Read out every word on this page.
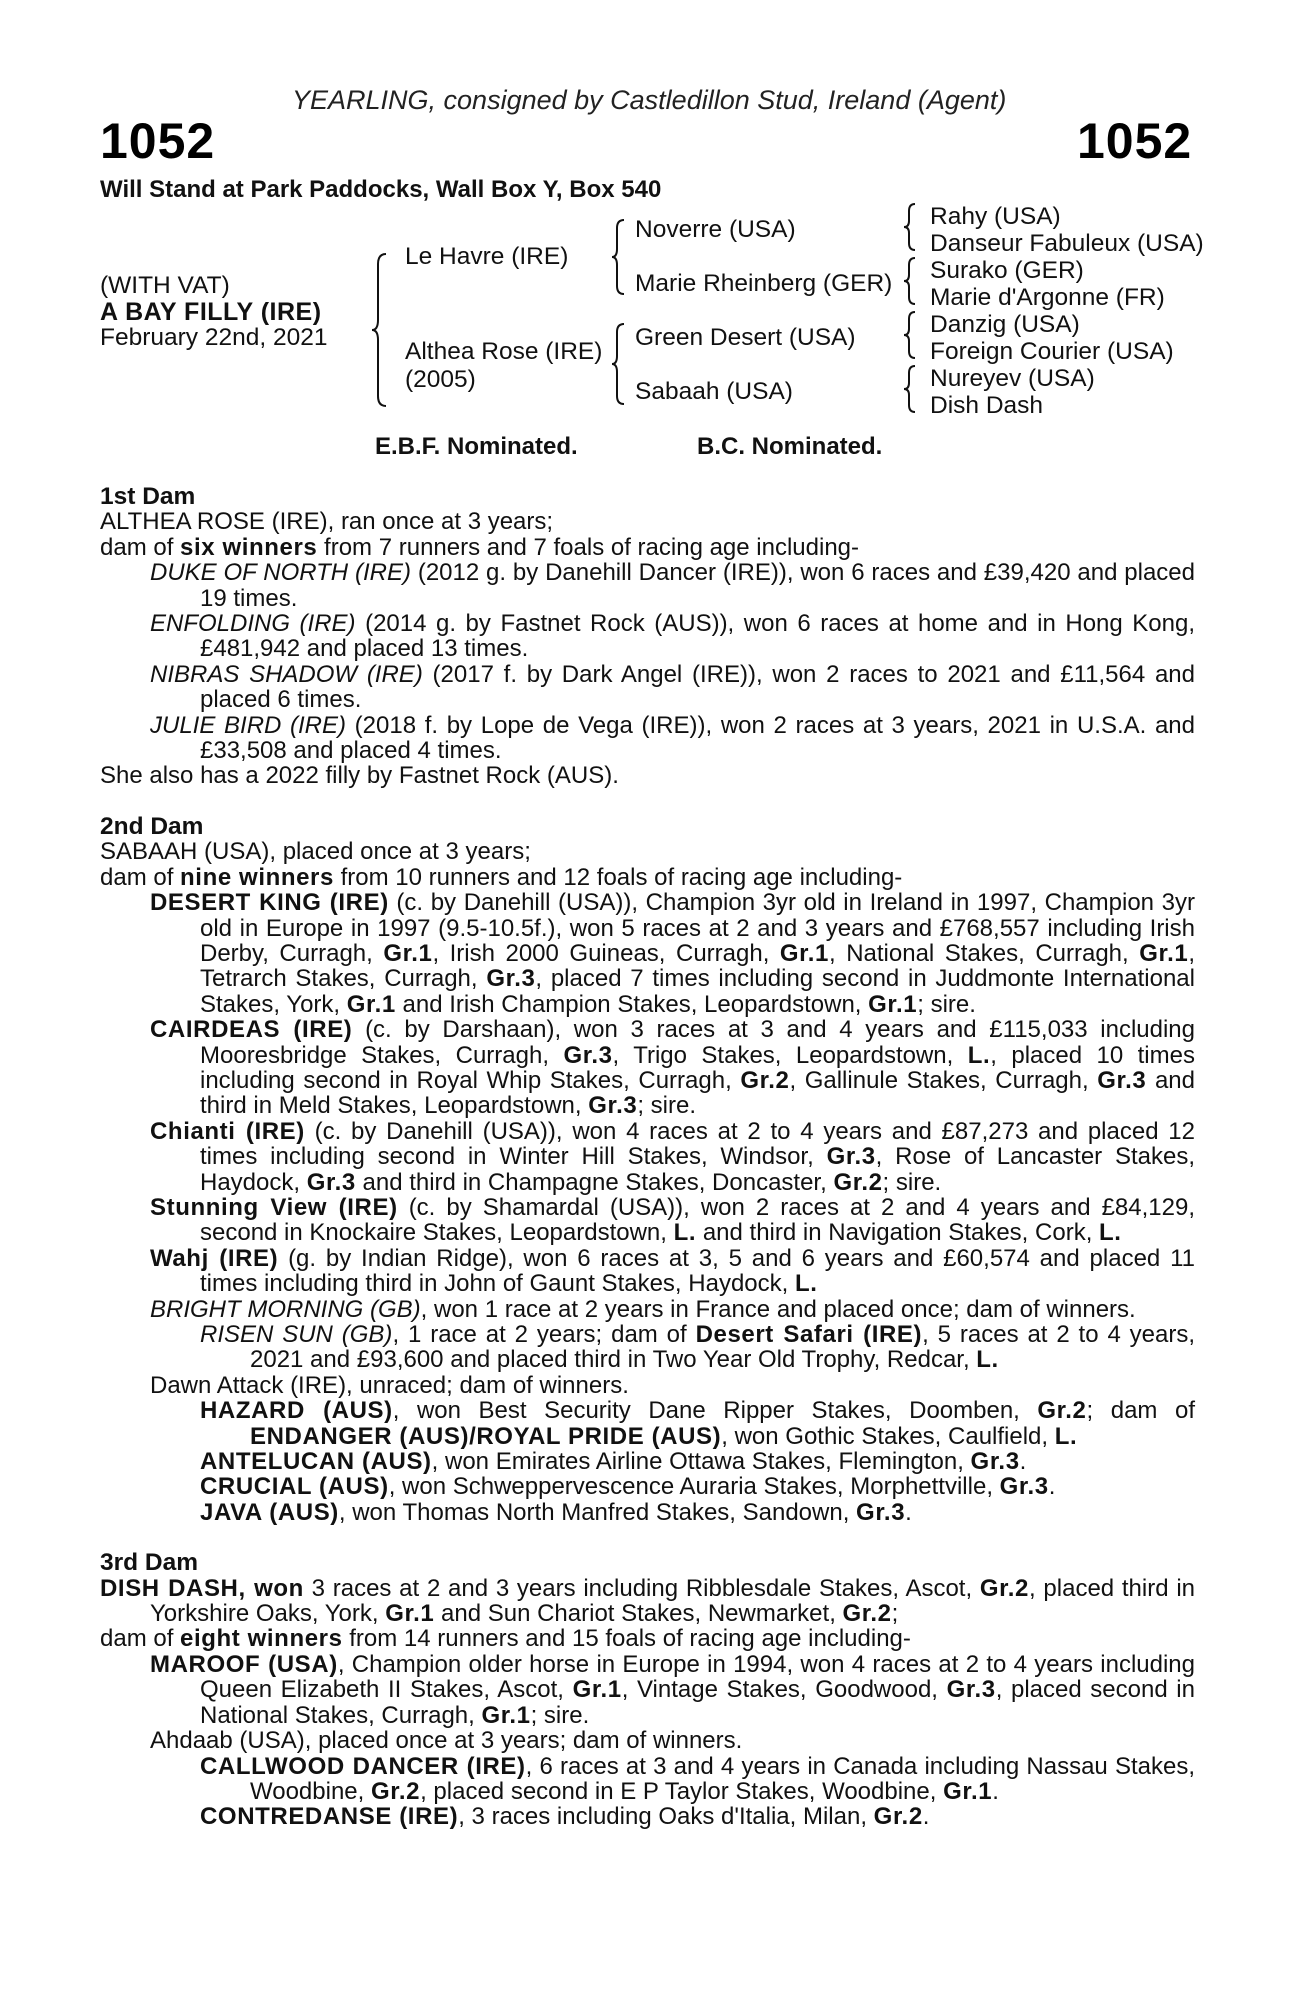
YEARLING, consigned by Castledillon Stud, Ireland (Agent)
1052	1052
Will Stand at Park Paddocks, Wall Box Y, Box 540
(WITH VAT)
A BAY FILLY (IRE)
February 22nd, 2021
Le Havre (IRE)
Althea Rose (IRE)
(2005)
Noverre (USA)
Marie Rheinberg (GER)
Green Desert (USA)
Sabaah (USA)
Rahy (USA)
Danseur Fabuleux (USA)
Surako (GER)
Marie d'Argonne (FR)
Danzig (USA)
Foreign Courier (USA)
Nureyev (USA)
Dish Dash
E.B.F. Nominated.	B.C. Nominated.

1st Dam

ALTHEA ROSE (IRE), ran once at 3 years;

dam of six winners from 7 runners and 7 foals of racing age including-

DUKE OF NORTH (IRE) (2012 g. by Danehill Dancer (IRE)), won 6 races and £39,420 and placed 19 times.

ENFOLDING (IRE) (2014 g. by Fastnet Rock (AUS)), won 6 races at home and in Hong Kong, £481,942 and placed 13 times.

NIBRAS SHADOW (IRE) (2017 f. by Dark Angel (IRE)), won 2 races to 2021 and £11,564 and placed 6 times.

JULIE BIRD (IRE) (2018 f. by Lope de Vega (IRE)), won 2 races at 3 years, 2021 in U.S.A. and £33,508 and placed 4 times.

She also has a 2022 filly by Fastnet Rock (AUS).

2nd Dam

SABAAH (USA), placed once at 3 years;

dam of nine winners from 10 runners and 12 foals of racing age including-

DESERT KING (IRE) (c. by Danehill (USA)), Champion 3yr old in Ireland in 1997, Champion 3yr old in Europe in 1997 (9.5-10.5f.), won 5 races at 2 and 3 years and £768,557 including Irish Derby, Curragh, Gr.1, Irish 2000 Guineas, Curragh, Gr.1, National Stakes, Curragh, Gr.1, Tetrarch Stakes, Curragh, Gr.3, placed 7 times including second in Juddmonte International Stakes, York, Gr.1 and Irish Champion Stakes, Leopardstown, Gr.1; sire.

CAIRDEAS (IRE) (c. by Darshaan), won 3 races at 3 and 4 years and £115,033 including Mooresbridge Stakes, Curragh, Gr.3, Trigo Stakes, Leopardstown, L., placed 10 times including second in Royal Whip Stakes, Curragh, Gr.2, Gallinule Stakes, Curragh, Gr.3 and third in Meld Stakes, Leopardstown, Gr.3; sire.

Chianti (IRE) (c. by Danehill (USA)), won 4 races at 2 to 4 years and £87,273 and placed 12 times including second in Winter Hill Stakes, Windsor, Gr.3, Rose of Lancaster Stakes, Haydock, Gr.3 and third in Champagne Stakes, Doncaster, Gr.2; sire.

Stunning View (IRE) (c. by Shamardal (USA)), won 2 races at 2 and 4 years and £84,129, second in Knockaire Stakes, Leopardstown, L. and third in Navigation Stakes, Cork, L.

Wahj (IRE) (g. by Indian Ridge), won 6 races at 3, 5 and 6 years and £60,574 and placed 11 times including third in John of Gaunt Stakes, Haydock, L.

BRIGHT MORNING (GB), won 1 race at 2 years in France and placed once; dam of winners.

RISEN SUN (GB), 1 race at 2 years; dam of Desert Safari (IRE), 5 races at 2 to 4 years, 2021 and £93,600 and placed third in Two Year Old Trophy, Redcar, L.

Dawn Attack (IRE), unraced; dam of winners.

HAZARD (AUS), won Best Security Dane Ripper Stakes, Doomben, Gr.2; dam of ENDANGER (AUS)/ROYAL PRIDE (AUS), won Gothic Stakes, Caulfield, L.

ANTELUCAN (AUS), won Emirates Airline Ottawa Stakes, Flemington, Gr.3.

CRUCIAL (AUS), won Schweppervescence Auraria Stakes, Morphettville, Gr.3.

JAVA (AUS), won Thomas North Manfred Stakes, Sandown, Gr.3.

3rd Dam

DISH DASH, won 3 races at 2 and 3 years including Ribblesdale Stakes, Ascot, Gr.2, placed third in Yorkshire Oaks, York, Gr.1 and Sun Chariot Stakes, Newmarket, Gr.2;

dam of eight winners from 14 runners and 15 foals of racing age including-

MAROOF (USA), Champion older horse in Europe in 1994, won 4 races at 2 to 4 years including Queen Elizabeth II Stakes, Ascot, Gr.1, Vintage Stakes, Goodwood, Gr.3, placed second in National Stakes, Curragh, Gr.1; sire.

Ahdaab (USA), placed once at 3 years; dam of winners.

CALLWOOD DANCER (IRE), 6 races at 3 and 4 years in Canada including Nassau Stakes, Woodbine, Gr.2, placed second in E P Taylor Stakes, Woodbine, Gr.1.

CONTREDANSE (IRE), 3 races including Oaks d'Italia, Milan, Gr.2.
